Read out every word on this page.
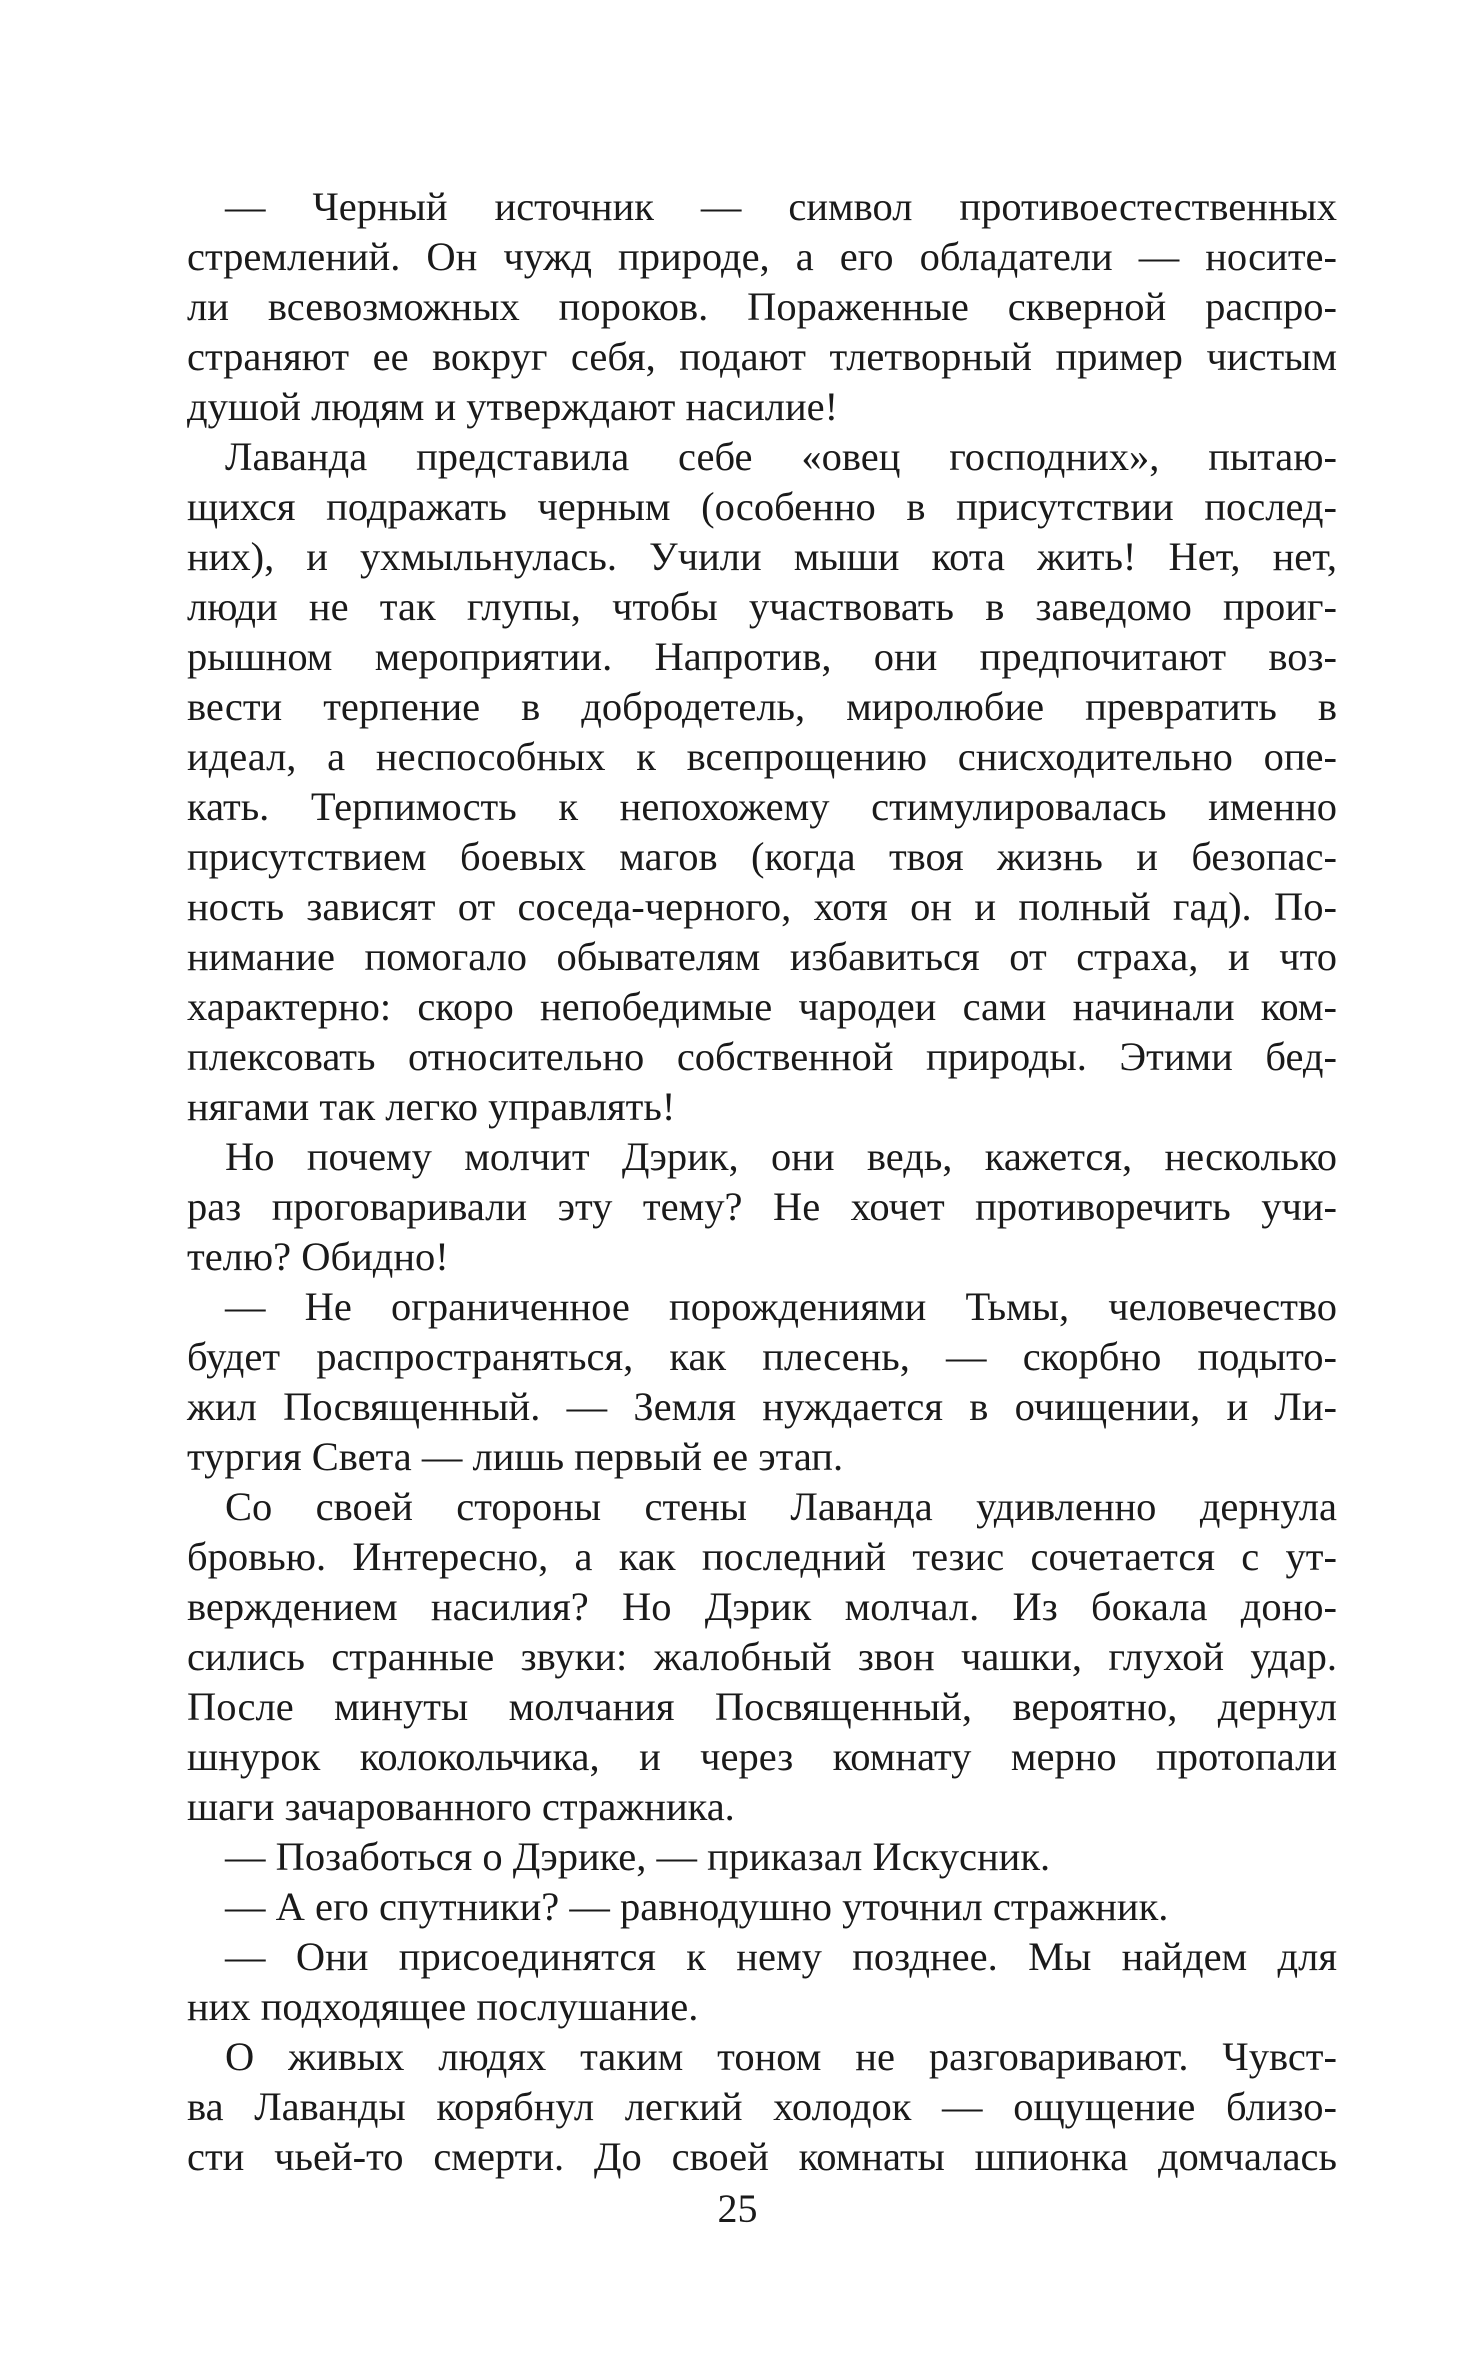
— Черный источник — символ противоестественных
стремлений. Он чужд природе, а его обладатели — носите-
ли всевозможных пороков. Пораженные скверной распро-
страняют ее вокруг себя, подают тлетворный пример чистым
душой людям и утверждают насилие!
Лаванда представила себе «овец господних», пытаю-
щихся подражать черным (особенно в присутствии послед-
них), и ухмыльнулась. Учили мыши кота жить! Нет, нет,
люди не так глупы, чтобы участвовать в заведомо проиг-
рышном мероприятии. Напротив, они предпочитают воз-
вести терпение в добродетель, миролюбие превратить в
идеал, а неспособных к всепрощению снисходительно опе-
кать. Терпимость к непохожему стимулировалась именно
присутствием боевых магов (когда твоя жизнь и безопас-
ность зависят от соседа-черного, хотя он и полный гад). По-
нимание помогало обывателям избавиться от страха, и что
характерно: скоро непобедимые чародеи сами начинали ком-
плексовать относительно собственной природы. Этими бед-
нягами так легко управлять!
Но почему молчит Дэрик, они ведь, кажется, несколько
раз проговаривали эту тему? Не хочет противоречить учи-
телю? Обидно!
— Не ограниченное порождениями Тьмы, человечество
будет распространяться, как плесень, — скорбно подыто-
жил Посвященный. — Земля нуждается в очищении, и Ли-
тургия Света — лишь первый ее этап.
Со своей стороны стены Лаванда удивленно дернула
бровью. Интересно, а как последний тезис сочетается с ут-
верждением насилия? Но Дэрик молчал. Из бокала доно-
сились странные звуки: жалобный звон чашки, глухой удар.
После минуты молчания Посвященный, вероятно, дернул
шнурок колокольчика, и через комнату мерно протопали
шаги зачарованного стражника.
— Позаботься о Дэрике, — приказал Искусник.
— А его спутники? — равнодушно уточнил стражник.
— Они присоединятся к нему позднее. Мы найдем для
них подходящее послушание.
О живых людях таким тоном не разговаривают. Чувст-
ва Лаванды корябнул легкий холодок — ощущение близо-
сти чьей-то смерти. До своей комнаты шпионка домчалась
25
